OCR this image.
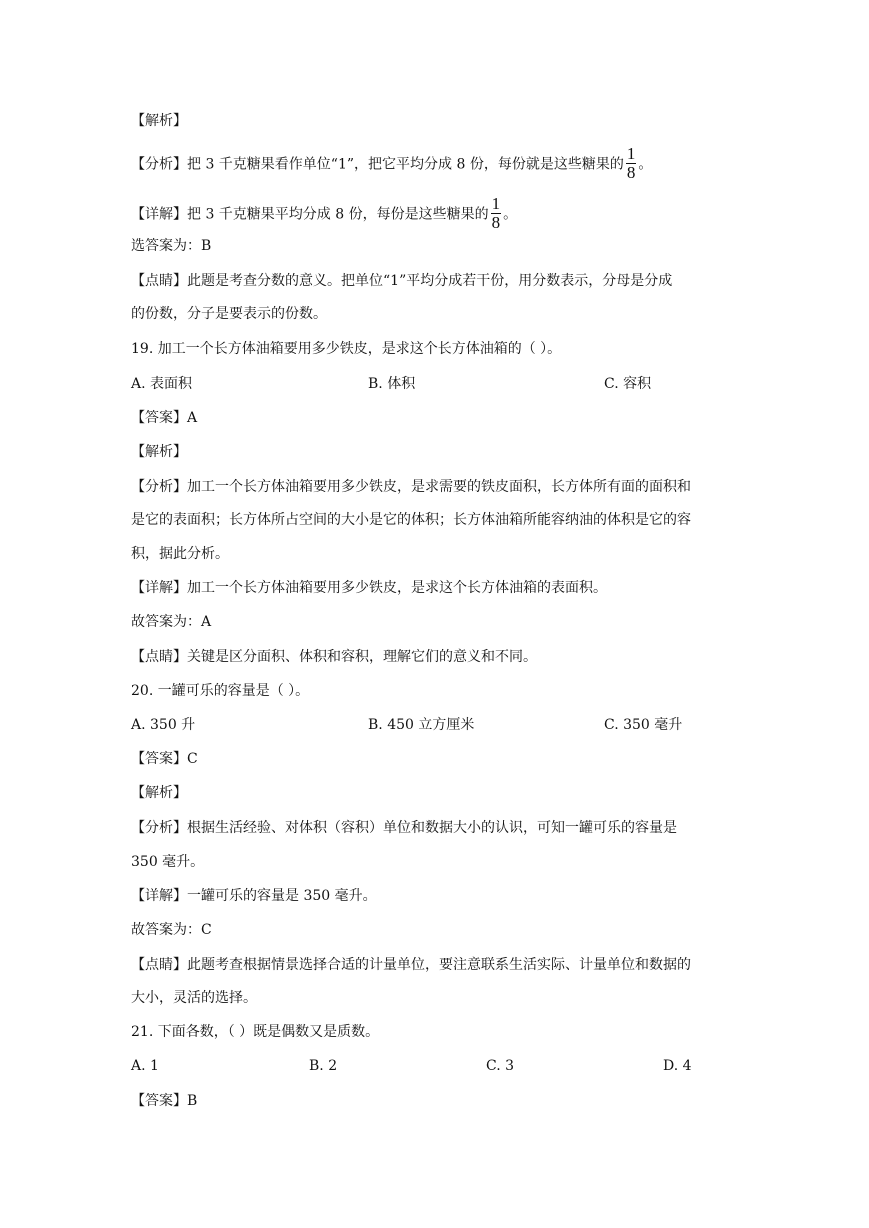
【解析】
【分析】把 3 千克糖果看作单位“1”，把它平均分成 8 份，每份就是这些糖果的 $\frac{1}{8}$ 。
【详解】把 3 千克糖果平均分成 8 份，每份是这些糖果的 $\frac{1}{8}$ 。
选答案为：B
【点睛】此题是考查分数的意义。把单位“1”平均分成若干份，用分数表示，分母是分成
的份数，分子是要表示的份数。
19. 加工一个长方体油箱要用多少铁皮，是求这个长方体油箱的（ ）。
A. 表面积	B. 体积	C. 容积
【答案】A
【解析】
【分析】加工一个长方体油箱要用多少铁皮，是求需要的铁皮面积，长方体所有面的面积和
是它的表面积；长方体所占空间的大小是它的体积；长方体油箱所能容纳油的体积是它的容
积，据此分析。
【详解】加工一个长方体油箱要用多少铁皮，是求这个长方体油箱的表面积。
故答案为：A
【点睛】关键是区分面积、体积和容积，理解它们的意义和不同。
20. 一罐可乐的容量是（ ）。
A. 350 升	B. 450 立方厘米	C. 350 毫升
【答案】C
【解析】
【分析】根据生活经验、对体积（容积）单位和数据大小的认识，可知一罐可乐的容量是
350 毫升。
【详解】一罐可乐的容量是 350 毫升。
故答案为：C
【点睛】此题考查根据情景选择合适的计量单位，要注意联系生活实际、计量单位和数据的
大小，灵活的选择。
21. 下面各数，（ ）既是偶数又是质数。
A. 1	B. 2	C. 3	D. 4
【答案】B
